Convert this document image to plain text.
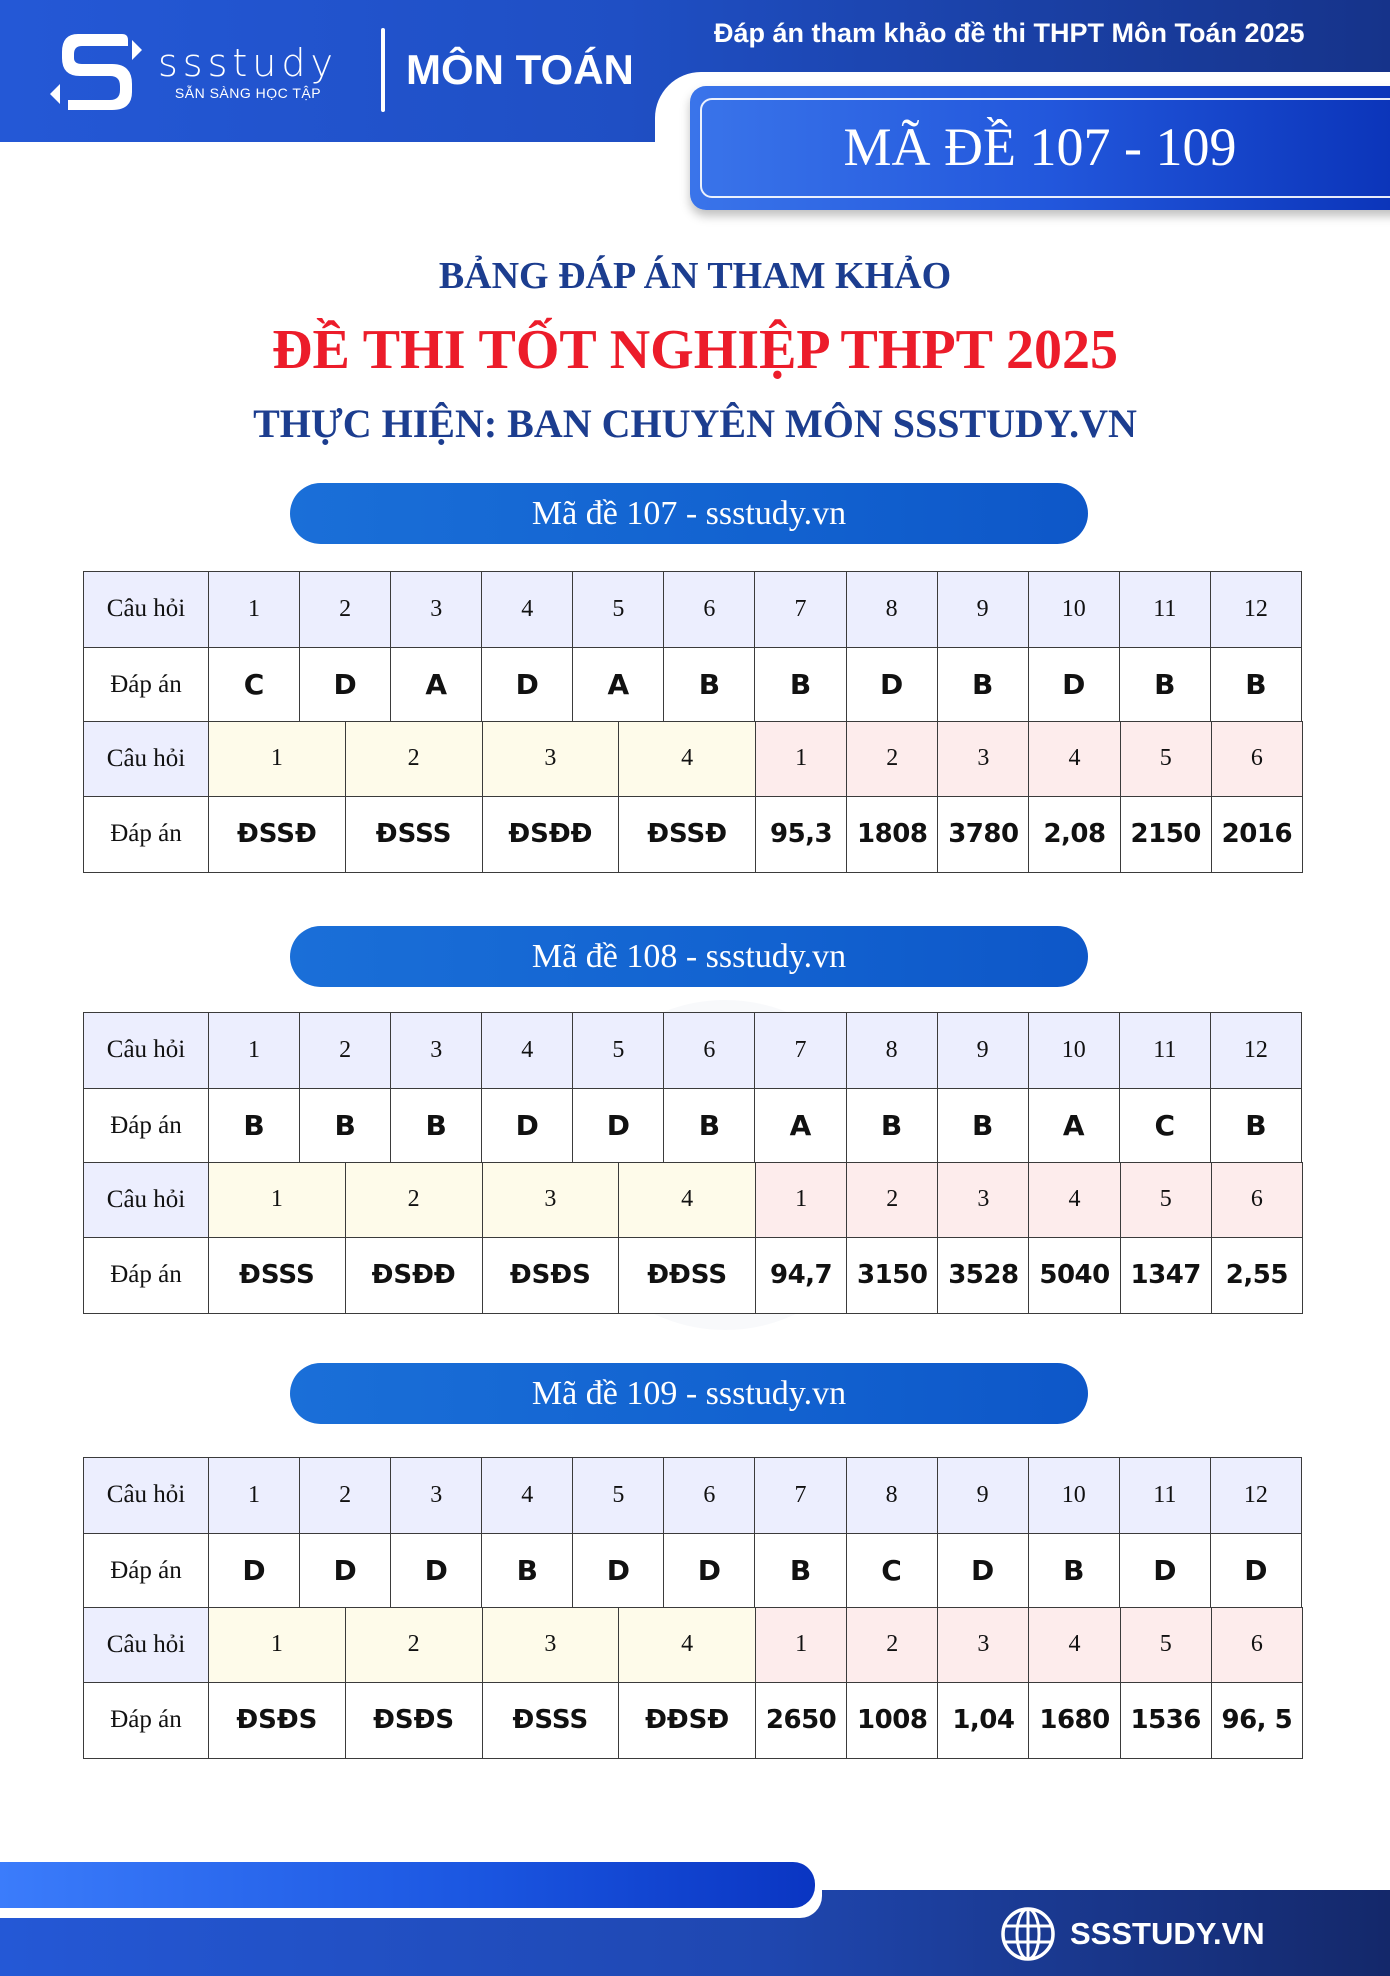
ssstudy
SẴN SÀNG HỌC TẬP MÔN TOÁN
Đáp án tham khảo đề thi THPT Môn Toán 2025
MÃ ĐỀ 107 - 109
BẢNG ĐÁP ÁN THAM KHẢO
ĐỀ THI TỐT NGHIỆP THPT 2025
THỰC HIỆN: BAN CHUYÊN MÔN SSSTUDY.VN
Mã đề 107 - ssstudy.vn
Câu hỏi	1	2	3	4	5	6	7	8	9	10	11	12
Đáp án	C	D	A	D	A	B	B	D	B	D	B	B
Câu hỏi	1	2	3	4	1	2	3	4	5	6
Đáp án	ĐSSĐ	ĐSSS	ĐSĐĐ	ĐSSĐ	95,3	1808	3780	2,08	2150	2016
Mã đề 108 - ssstudy.vn
Câu hỏi	1	2	3	4	5	6	7	8	9	10	11	12
Đáp án	B	B	B	D	D	B	A	B	B	A	C	B
Câu hỏi	1	2	3	4	1	2	3	4	5	6
Đáp án	ĐSSS	ĐSĐĐ	ĐSĐS	ĐĐSS	94,7	3150	3528	5040	1347	2,55
Mã đề 109 - ssstudy.vn
Câu hỏi	1	2	3	4	5	6	7	8	9	10	11	12
Đáp án	D	D	D	B	D	D	B	C	D	B	D	D
Câu hỏi	1	2	3	4	1	2	3	4	5	6
Đáp án	ĐSĐS	ĐSĐS	ĐSSS	ĐĐSĐ	2650	1008	1,04	1680	1536	96, 5
SSSTUDY.VN
